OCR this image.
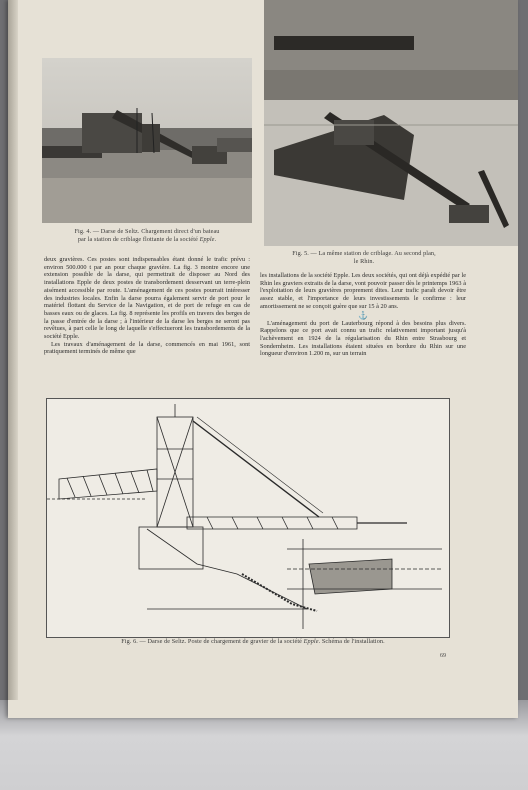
Fig. 4. — Darse de Seltz. Chargement direct d'un bateau
par la station de criblage flottante de la société Epple.
Fig. 5. — La même station de criblage. Au second plan,
le Rhin.

deux gravières. Ces postes sont indispensables étant donné le trafic prévu : environ 500.000 t par an pour chaque gravière. La fig. 3 montre encore une extension possible de la darse, qui permettrait de disposer au Nord des installations Epple de deux postes de transbordement desservant un terre-plein aisément accessible par route. L'aménagement de ces postes pourrait intéresser des industries locales. Enfin la darse pourra également servir de port pour le matériel flottant du Service de la Navigation, et de port de refuge en cas de basses eaux ou de glaces. La fig. 8 représente les profils en travers des berges de la passe d'entrée de la darse ; à l'intérieur de la darse les berges ne seront pas revêtues, à part celle le long de laquelle s'effectueront les transbordements de la société Epple.

Les travaux d'aménagement de la darse, commencés en mai 1961, sont pratiquement terminés de même que

les installations de la société Epple. Les deux sociétés, qui ont déjà expédié par le Rhin les graviers extraits de la darse, vont pouvoir passer dès le printemps 1963 à l'exploitation de leurs gravières proprement dites. Leur trafic paraît devoir être assez stable, et l'importance de leurs investissements le confirme : leur amortissement ne se conçoit guère que sur 15 à 20 ans.

⚓

L'aménagement du port de Lauterbourg répond à des besoins plus divers. Rappelons que ce port avait connu un trafic relativement important jusqu'à l'achèvement en 1924 de la régularisation du Rhin entre Strasbourg et Sondernheim. Les installations étaient situées en bordure du Rhin sur une longueur d'environ 1.200 m, sur un terrain

Fig. 6. — Darse de Seltz. Poste de chargement de gravier de la société Epple. Schéma de l'installation.
69
